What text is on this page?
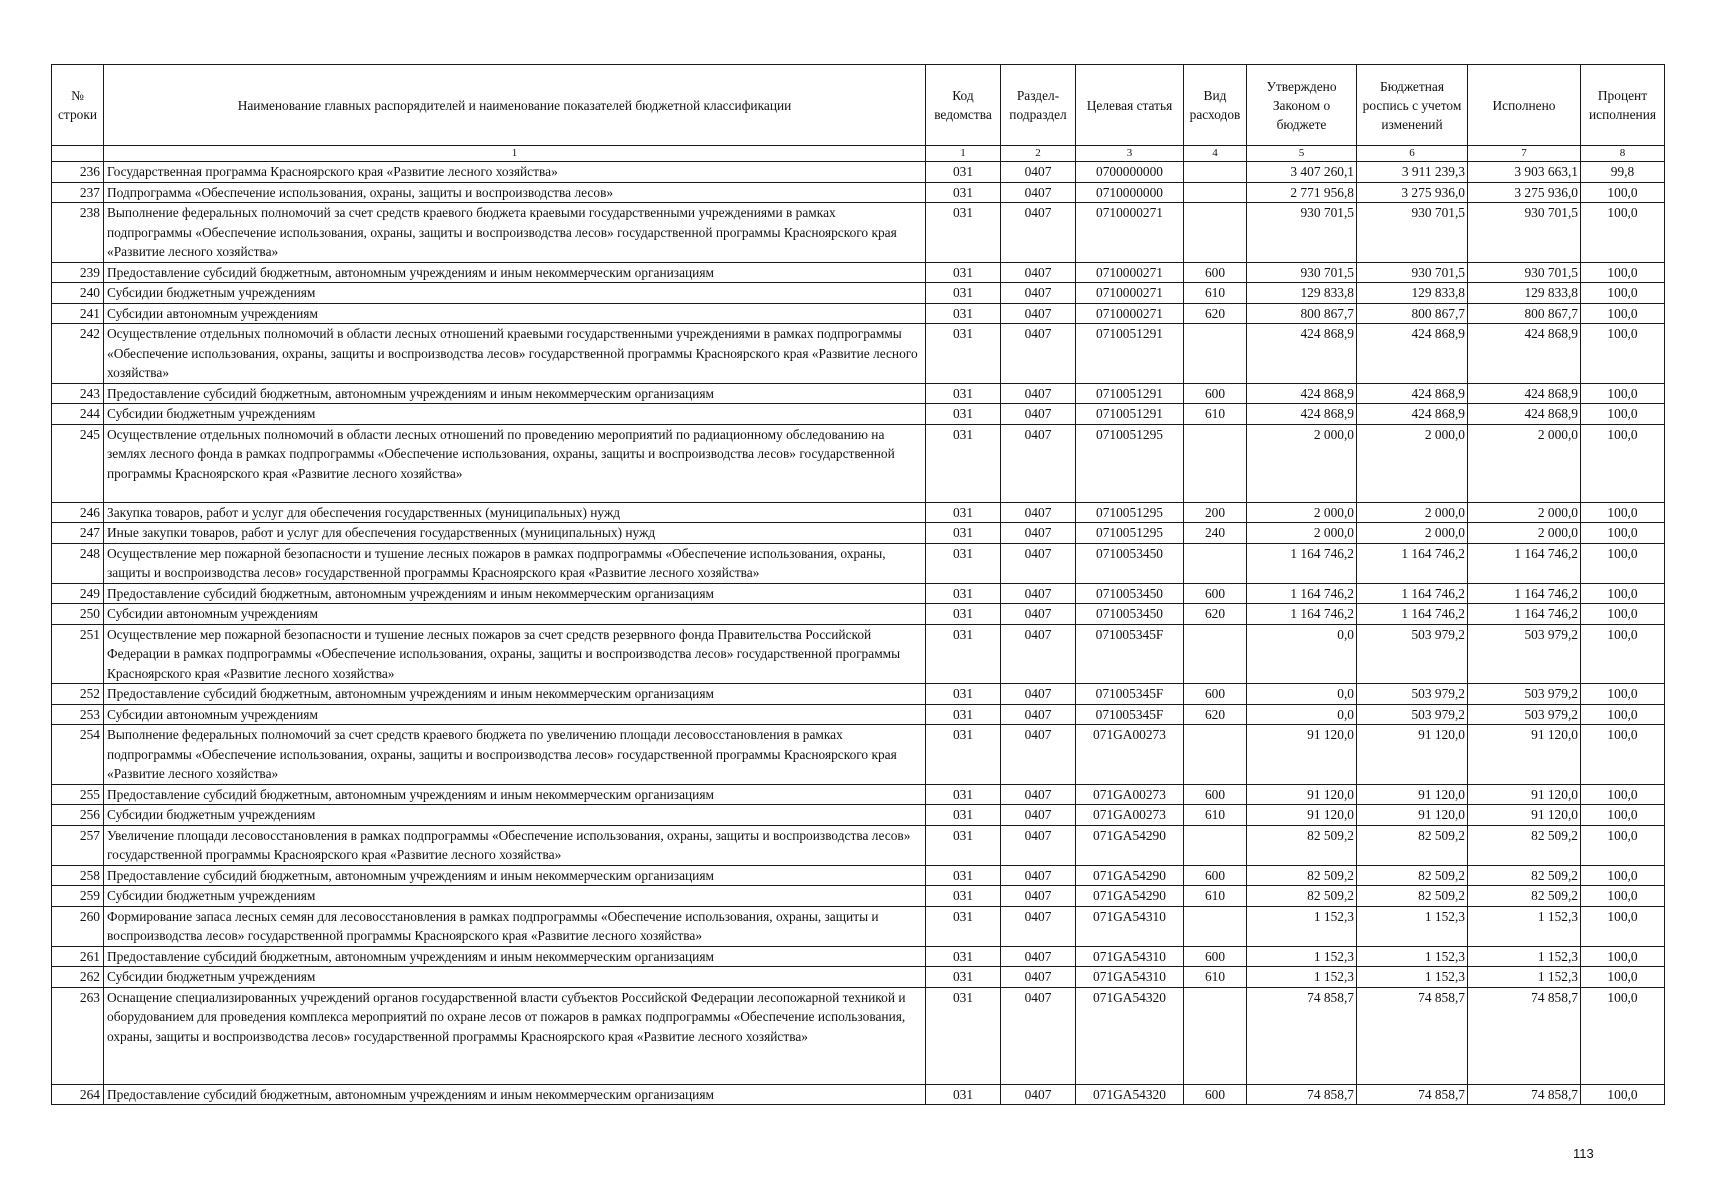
№ строки	Наименование главных распорядителей и наименование показателей бюджетной классификации	Код ведомства	Раздел-подраздел	Целевая статья	Вид расходов	Утверждено Законом о бюджете	Бюджетная роспись с учетом изменений	Исполнено	Процент исполнения
	1	1	2	3	4	5	6	7	8
236	Государственная программа Красноярского края «Развитие лесного хозяйства»	031	0407	0700000000		3 407 260,1	3 911 239,3	3 903 663,1	99,8
237	Подпрограмма «Обеспечение использования, охраны, защиты и воспроизводства лесов»	031	0407	0710000000		2 771 956,8	3 275 936,0	3 275 936,0	100,0
238	Выполнение федеральных полномочий за счет средств краевого бюджета краевыми государственными учреждениями в рамках подпрограммы «Обеспечение использования, охраны, защиты и воспроизводства лесов» государственной программы Красноярского края «Развитие лесного хозяйства»	031	0407	0710000271		930 701,5	930 701,5	930 701,5	100,0
239	Предоставление субсидий бюджетным, автономным учреждениям и иным некоммерческим организациям	031	0407	0710000271	600	930 701,5	930 701,5	930 701,5	100,0
240	Субсидии бюджетным учреждениям	031	0407	0710000271	610	129 833,8	129 833,8	129 833,8	100,0
241	Субсидии автономным учреждениям	031	0407	0710000271	620	800 867,7	800 867,7	800 867,7	100,0
242	Осуществление отдельных полномочий в области лесных отношений краевыми государственными учреждениями в рамках подпрограммы «Обеспечение использования, охраны, защиты и воспроизводства лесов» государственной программы Красноярского края «Развитие лесного хозяйства»	031	0407	0710051291		424 868,9	424 868,9	424 868,9	100,0
243	Предоставление субсидий бюджетным, автономным учреждениям и иным некоммерческим организациям	031	0407	0710051291	600	424 868,9	424 868,9	424 868,9	100,0
244	Субсидии бюджетным учреждениям	031	0407	0710051291	610	424 868,9	424 868,9	424 868,9	100,0
245	Осуществление отдельных полномочий в области лесных отношений по проведению мероприятий по радиационному обследованию на землях лесного фонда в рамках подпрограммы «Обеспечение использования, охраны, защиты и воспроизводства лесов» государственной программы Красноярского края «Развитие лесного хозяйства»	031	0407	0710051295		2 000,0	2 000,0	2 000,0	100,0
246	Закупка товаров, работ и услуг для обеспечения государственных (муниципальных) нужд	031	0407	0710051295	200	2 000,0	2 000,0	2 000,0	100,0
247	Иные закупки товаров, работ и услуг для обеспечения государственных (муниципальных) нужд	031	0407	0710051295	240	2 000,0	2 000,0	2 000,0	100,0
248	Осуществление мер пожарной безопасности и тушение лесных пожаров в рамках подпрограммы «Обеспечение использования, охраны, защиты и воспроизводства лесов» государственной программы Красноярского края «Развитие лесного хозяйства»	031	0407	0710053450		1 164 746,2	1 164 746,2	1 164 746,2	100,0
249	Предоставление субсидий бюджетным, автономным учреждениям и иным некоммерческим организациям	031	0407	0710053450	600	1 164 746,2	1 164 746,2	1 164 746,2	100,0
250	Субсидии автономным учреждениям	031	0407	0710053450	620	1 164 746,2	1 164 746,2	1 164 746,2	100,0
251	Осуществление мер пожарной безопасности и тушение лесных пожаров за счет средств резервного фонда Правительства Российской Федерации в рамках подпрограммы «Обеспечение использования, охраны, защиты и воспроизводства лесов» государственной программы Красноярского края «Развитие лесного хозяйства»	031	0407	071005345F		0,0	503 979,2	503 979,2	100,0
252	Предоставление субсидий бюджетным, автономным учреждениям и иным некоммерческим организациям	031	0407	071005345F	600	0,0	503 979,2	503 979,2	100,0
253	Субсидии автономным учреждениям	031	0407	071005345F	620	0,0	503 979,2	503 979,2	100,0
254	Выполнение федеральных полномочий за счет средств краевого бюджета по увеличению площади лесовосстановления в рамках подпрограммы «Обеспечение использования, охраны, защиты и воспроизводства лесов» государственной программы Красноярского края «Развитие лесного хозяйства»	031	0407	071GA00273		91 120,0	91 120,0	91 120,0	100,0
255	Предоставление субсидий бюджетным, автономным учреждениям и иным некоммерческим организациям	031	0407	071GA00273	600	91 120,0	91 120,0	91 120,0	100,0
256	Субсидии бюджетным учреждениям	031	0407	071GA00273	610	91 120,0	91 120,0	91 120,0	100,0
257	Увеличение площади лесовосстановления в рамках подпрограммы «Обеспечение использования, охраны, защиты и воспроизводства лесов» государственной программы Красноярского края «Развитие лесного хозяйства»	031	0407	071GA54290		82 509,2	82 509,2	82 509,2	100,0
258	Предоставление субсидий бюджетным, автономным учреждениям и иным некоммерческим организациям	031	0407	071GA54290	600	82 509,2	82 509,2	82 509,2	100,0
259	Субсидии бюджетным учреждениям	031	0407	071GA54290	610	82 509,2	82 509,2	82 509,2	100,0
260	Формирование запаса лесных семян для лесовосстановления в рамках подпрограммы «Обеспечение использования, охраны, защиты и воспроизводства лесов» государственной программы Красноярского края «Развитие лесного хозяйства»	031	0407	071GA54310		1 152,3	1 152,3	1 152,3	100,0
261	Предоставление субсидий бюджетным, автономным учреждениям и иным некоммерческим организациям	031	0407	071GA54310	600	1 152,3	1 152,3	1 152,3	100,0
262	Субсидии бюджетным учреждениям	031	0407	071GA54310	610	1 152,3	1 152,3	1 152,3	100,0
263	Оснащение специализированных учреждений органов государственной власти субъектов Российской Федерации лесопожарной техникой и оборудованием для проведения комплекса мероприятий по охране лесов от пожаров в рамках подпрограммы «Обеспечение использования, охраны, защиты и воспроизводства лесов» государственной программы Красноярского края «Развитие лесного хозяйства»	031	0407	071GA54320		74 858,7	74 858,7	74 858,7	100,0
264	Предоставление субсидий бюджетным, автономным учреждениям и иным некоммерческим организациям	031	0407	071GA54320	600	74 858,7	74 858,7	74 858,7	100,0
113
